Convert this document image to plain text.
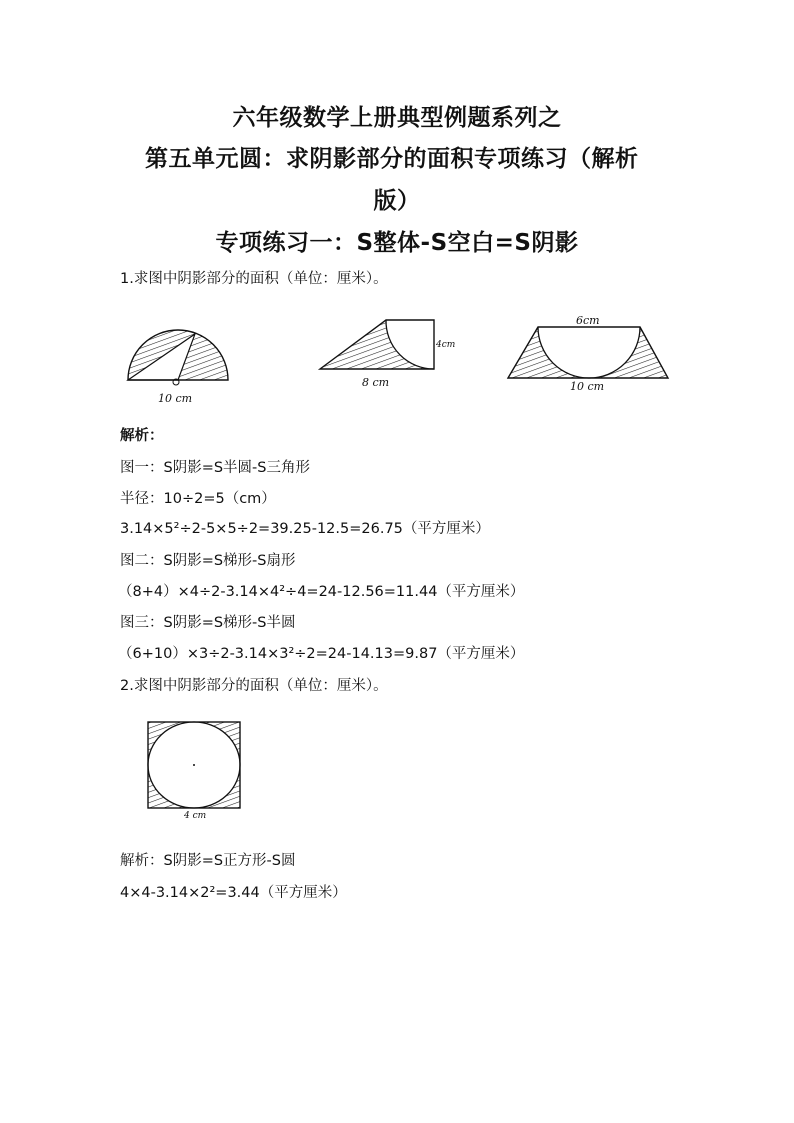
10 cm
8 cm
4cm
6cm
10 cm
4 cm
六年级数学上册典型例题系列之
第五单元圆：求阴影部分的面积专项练习（解析
版）
专项练习一：S整体-S空白=S阴影
1.求图中阴影部分的面积（单位：厘米）。
解析：
图一：S阴影=S半圆-S三角形
半径：10÷2=5（cm）
3.14×5²÷2-5×5÷2=39.25-12.5=26.75（平方厘米）
图二：S阴影=S梯形-S扇形
（8+4）×4÷2-3.14×4²÷4=24-12.56=11.44（平方厘米）
图三：S阴影=S梯形-S半圆
（6+10）×3÷2-3.14×3²÷2=24-14.13=9.87（平方厘米）
2.求图中阴影部分的面积（单位：厘米）。
解析：S阴影=S正方形-S圆
4×4-3.14×2²=3.44（平方厘米）
